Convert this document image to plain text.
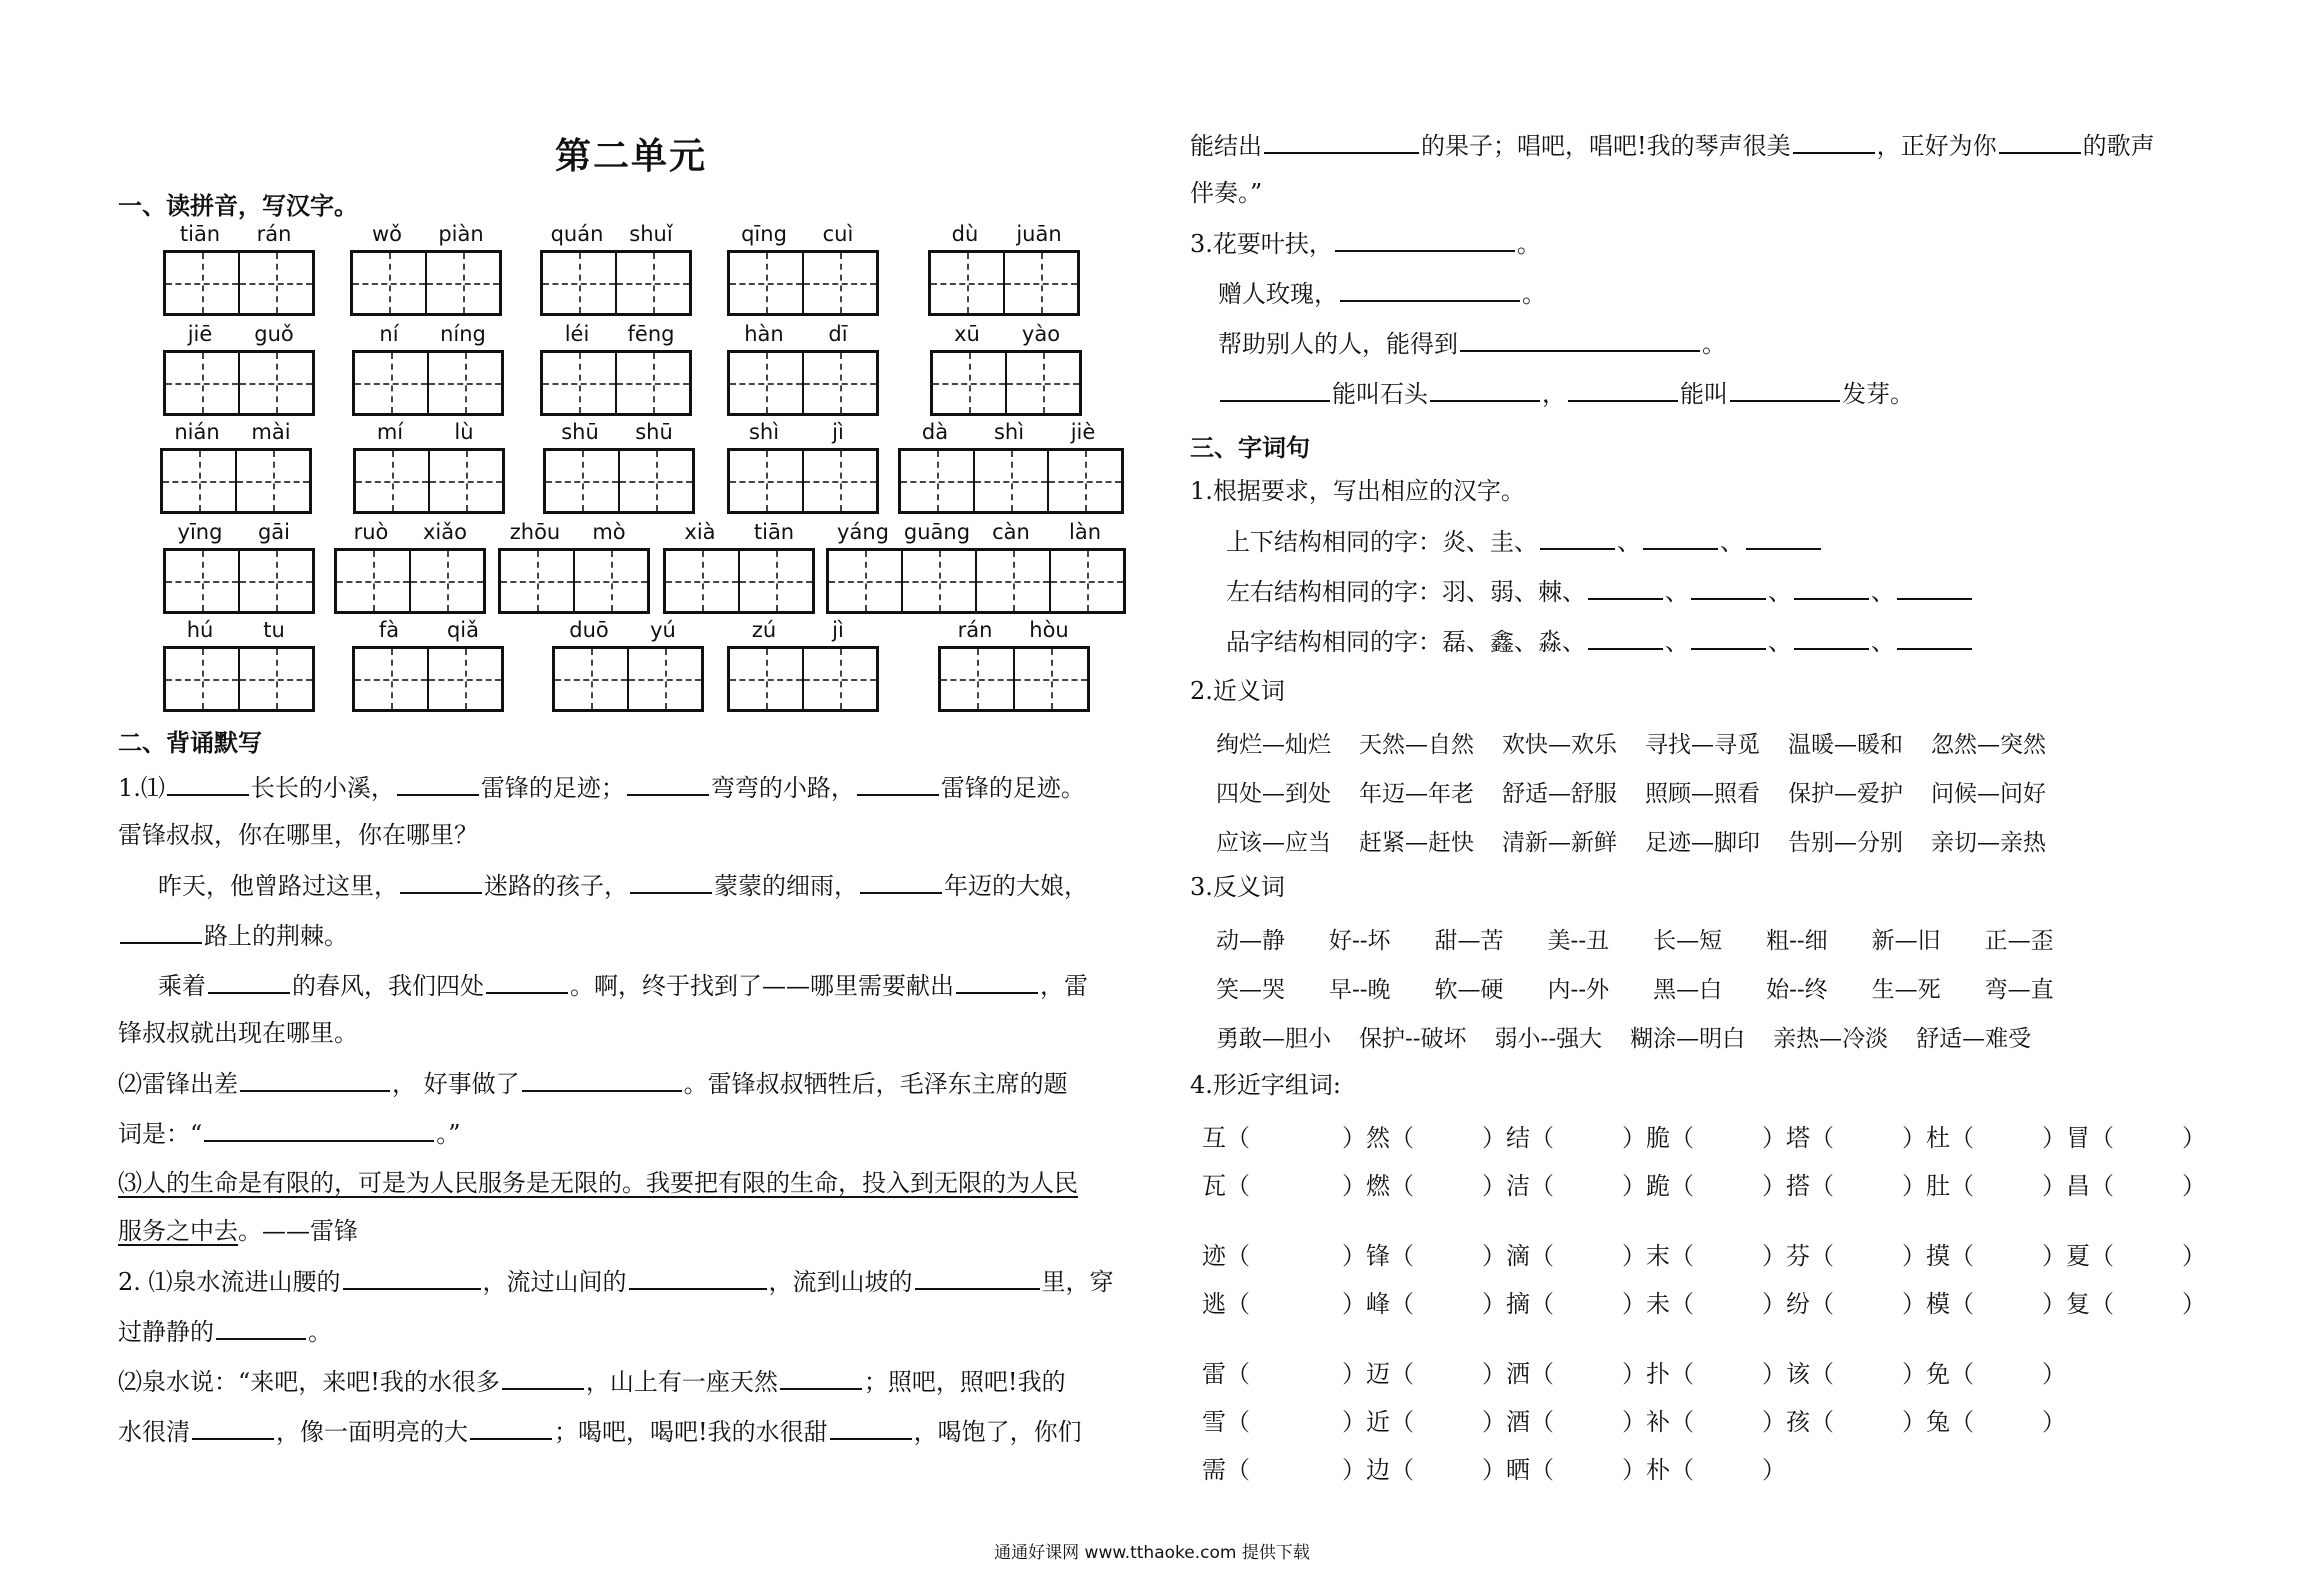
第二单元
一、读拼音，写汉字。
tiān	rán	wǒ	piàn	quán	shuǐ	qīng	cuì	dù	juān
jiē	guǒ	ní	níng	léi	fēng	hàn	dī	xū	yào
nián	mài	mí	lù	shū	shū	shì	jì	dà	shì	jiè
yīng	gāi	ruò	xiǎo	zhōu	mò	xià	tiān	yáng guāng	càn	làn
hú	tu	fà	qiǎ	duō	yú	zú	jì	rán	hòu
二、背诵默写
1.⑴	长长的小溪，	雷锋的足迹；	弯弯的小路，	雷锋的足迹。
雷锋叔叔，你在哪里，你在哪里？
昨天，他曾路过这里，	迷路的孩子，	蒙蒙的细雨，	年迈的大娘，
路上的荆棘。
乘着	的春风，我们四处	。啊，终于找到了——哪里需要献出	，雷
锋叔叔就出现在哪里。
⑵雷锋出差	， 好事做了	。雷锋叔叔牺牲后，毛泽东主席的题
词是：“	。”
⑶人的生命是有限的，可是为人民服务是无限的。我要把有限的生命，投入到无限的为人民
服务之中去。——雷锋
2. ⑴泉水流进山腰的	，流过山间的	，流到山坡的	里，穿
过静静的	。
⑵泉水说：“来吧，来吧!我的水很多	，山上有一座天然	；照吧，照吧!我的
水很清	，像一面明亮的大	；喝吧，喝吧!我的水很甜	，喝饱了，你们
能结出	的果子；唱吧，唱吧!我的琴声很美	，正好为你	的歌声
伴奏。”
3.花要叶扶，	。
赠人玫瑰，	。
帮助别人的人，能得到	。
能叫石头	，	能叫	发芽。
三、字词句
1.根据要求，写出相应的汉字。
上下结构相同的字：炎、圭、	、	、
左右结构相同的字：羽、弱、棘、	、	、	、
品字结构相同的字：磊、鑫、淼、	、	、	、
2.近义词
绚烂—灿烂 天然—自然 欢快—欢乐 寻找—寻觅 温暖—暖和 忽然—突然
四处—到处 年迈—年老 舒适—舒服 照顾—照看 保护—爱护 问候—问好
应该—应当 赶紧—赶快 清新—新鲜 足迹—脚印 告别—分别 亲切—亲热
3.反义词
动—静 好--坏 甜—苦 美--丑 长—短 粗--细 新—旧 正—歪
笑—哭 早--晚 软—硬 内--外 黑—白 始--终 生—死 弯—直
勇敢—胆小 保护--破坏 弱小--强大 糊涂—明白 亲热—冷淡 舒适—难受
4.形近字组词:
互（	）然（	）结（	）脆（	）塔（	）杜（	）冒（	）
瓦（	）燃（	）洁（	）跪（	）搭（	）肚（	）昌（	）
迹（	）锋（	）滴（	）末（	）芬（	）摸（	）夏（	）
逃（	）峰（	）摘（	）未（	）纷（	）模（	）复（	）
雷（	）迈（	）洒（	）扑（	）该（	）免（	）
雪（	）近（	）酒（	）补（	）孩（	）兔（	）
需（	）边（	）晒（	）朴（	）
通通好课网 www.tthaoke.com 提供下载
